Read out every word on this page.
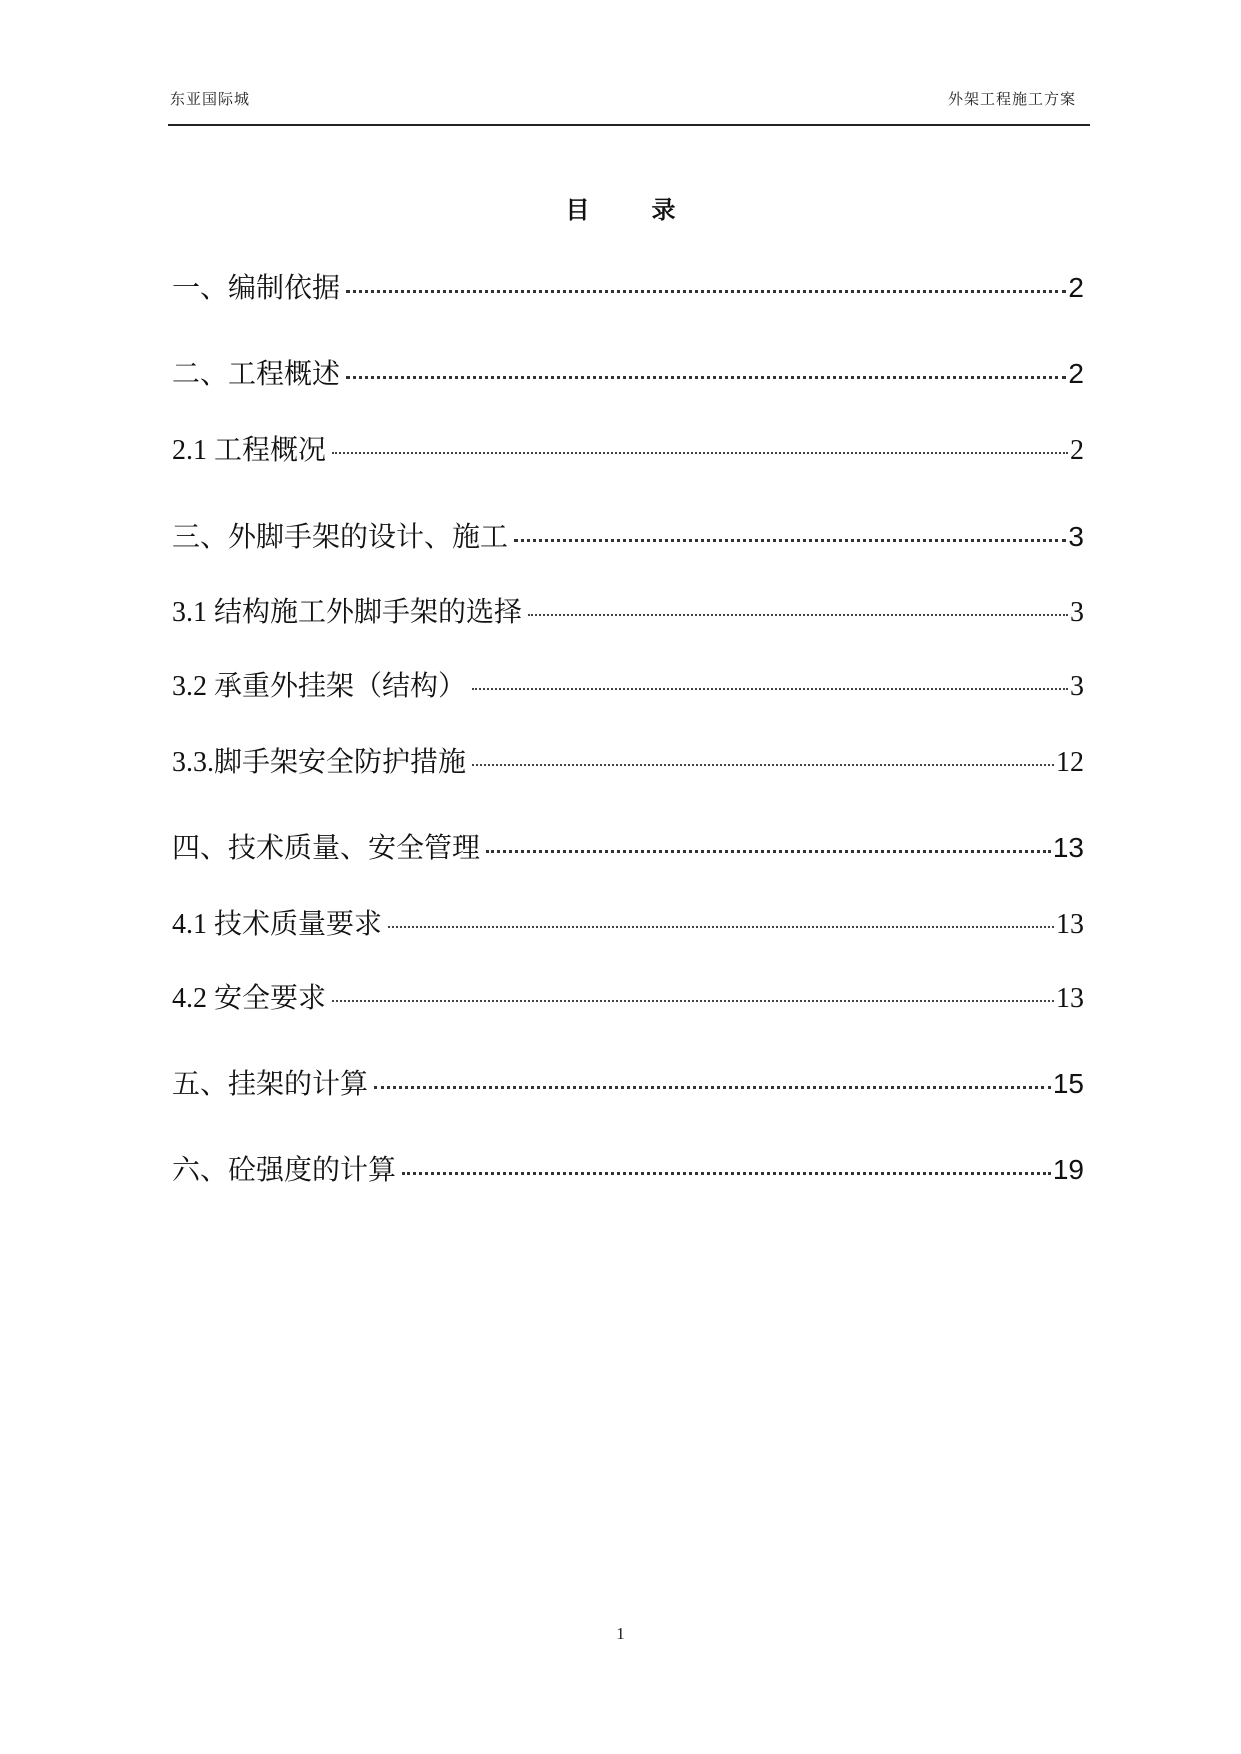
东亚国际城	外架工程施工方案
目	录
一、编制依据	2
二、工程概述	2
2.1 工程概况	2
三、外脚手架的设计、施工	3
3.1 结构施工外脚手架的选择	3
3.2 承重外挂架（结构）	3
3.3.脚手架安全防护措施	12
四、技术质量、安全管理	13
4.1 技术质量要求	13
4.2 安全要求	13
五、挂架的计算	15
六、砼强度的计算	19
1
